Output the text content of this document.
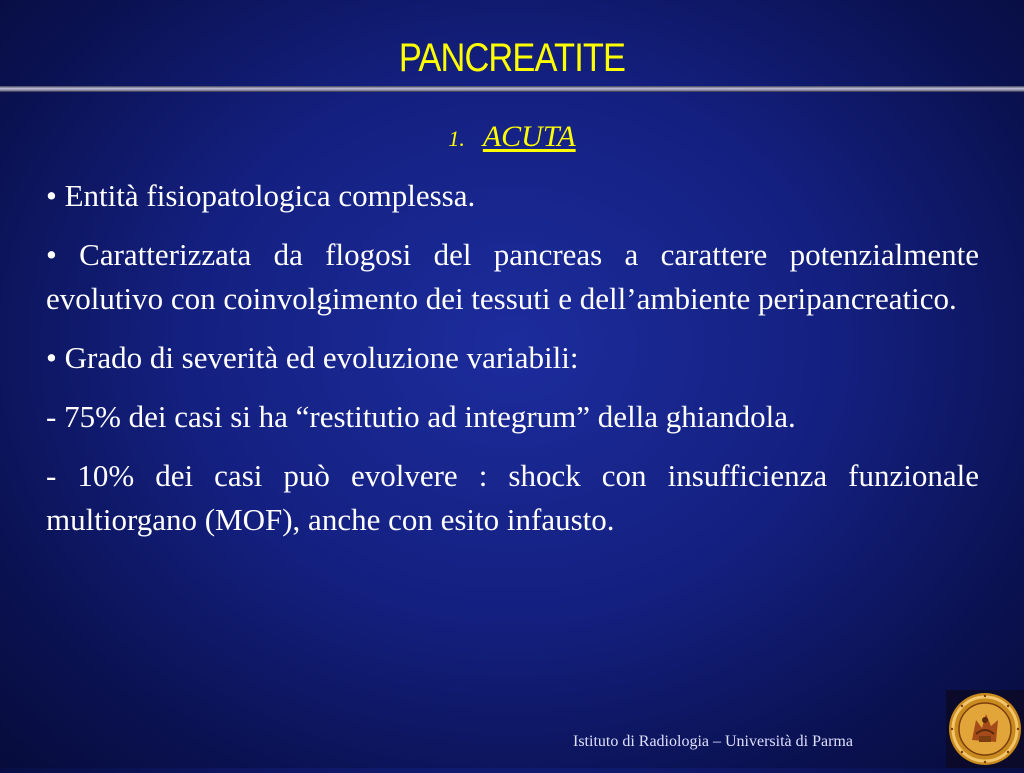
PANCREATITE
1. ACUTA

• Entità fisiopatologica complessa.

• Caratterizzata da flogosi del pancreas a carattere potenzialmente evolutivo con coinvolgimento dei tessuti e dell’ambiente peripancreatico.

• Grado di severità ed evoluzione variabili:

- 75% dei casi si ha “restitutio ad integrum” della ghiandola.

- 10% dei casi può evolvere : shock con insufficienza funzionale multiorgano (MOF), anche con esito infausto.

Istituto di Radiologia – Università di Parma
